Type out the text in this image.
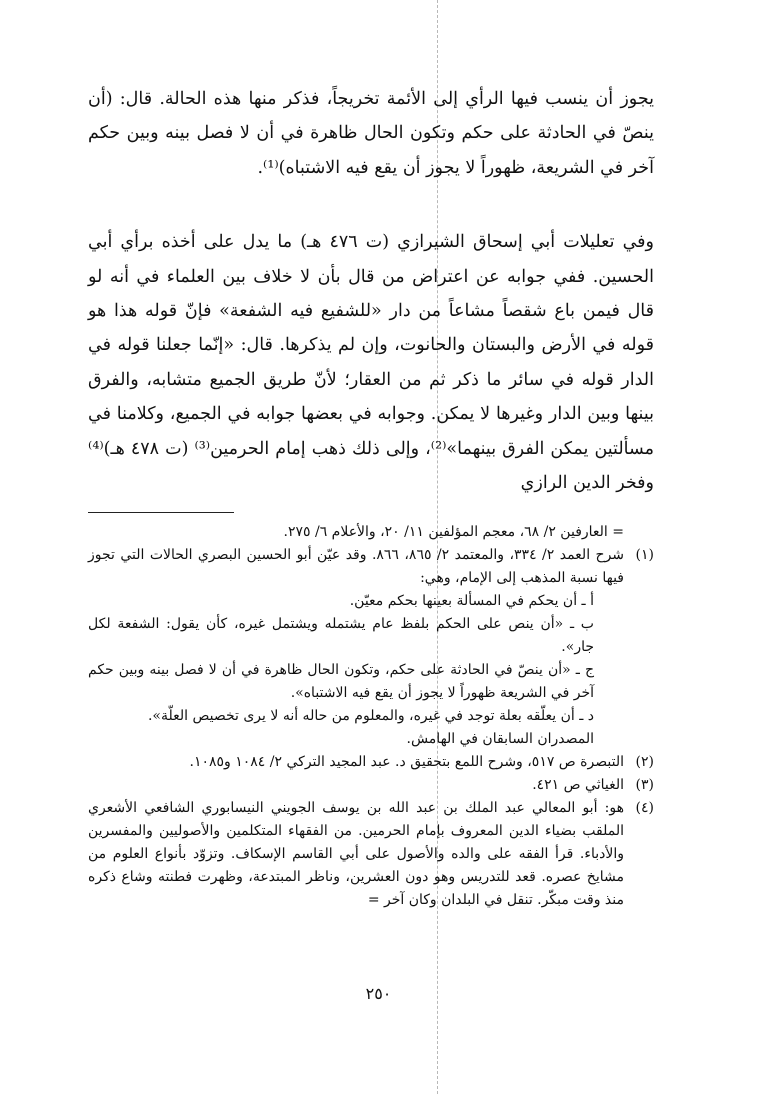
يجوز أن ينسب فيها الرأي إلى الأئمة تخريجاً، فذكر منها هذه الحالة. قال: (أن ينصّ في الحادثة على حكم وتكون الحال ظاهرة في أن لا فصل بينه وبين حكم آخر في الشريعة، ظهوراً لا يجوز أن يقع فيه الاشتباه)⁽¹⁾.

وفي تعليلات أبي إسحاق الشيرازي (ت ٤٧٦ هـ) ما يدل على أخذه برأي أبي الحسين. ففي جوابه عن اعتراض من قال بأن لا خلاف بين العلماء في أنه لو قال فيمن باع شقصاً مشاعاً من دار «للشفيع فيه الشفعة» فإنّ قوله هذا هو قوله في الأرض والبستان والحانوت، وإن لم يذكرها. قال: «إنّما جعلنا قوله في الدار قوله في سائر ما ذكر ثم من العقار؛ لأنّ طريق الجميع متشابه، والفرق بينها وبين الدار وغيرها لا يمكن. وجوابه في بعضها جوابه في الجميع، وكلامنا في مسألتين يمكن الفرق بينهما»⁽²⁾، وإلى ذلك ذهب إمام الحرمين⁽³⁾ (ت ٤٧٨ هـ)⁽⁴⁾ وفخر الدين الرازي

= العارفين ٢/ ٦٨، معجم المؤلفين ١١/ ٢٠، والأعلام ٦/ ٢٧٥.
(١)
شرح العمد ٢/ ٣٣٤، والمعتمد ٢/ ٨٦٥، ٨٦٦. وقد عيّن أبو الحسين البصري الحالات التي تجوز فيها نسبة المذهب إلى الإمام، وهي:
أ ـ أن يحكم في المسألة بعينها بحكم معيّن.
ب ـ «أن ينص على الحكم بلفظ عام يشتمله ويشتمل غيره، كأن يقول: الشفعة لكل جار».
ج ـ «أن ينصّ في الحادثة على حكم، وتكون الحال ظاهرة في أن لا فصل بينه وبين حكم آخر في الشريعة ظهوراً لا يجوز أن يقع فيه الاشتباه».
د ـ أن يعلّقه بعلة توجد في غيره، والمعلوم من حاله أنه لا يرى تخصيص العلّة».
المصدران السابقان في الهامش.
(٢)
التبصرة ص ٥١٧، وشرح اللمع بتحقيق د. عبد المجيد التركي ٢/ ١٠٨٤ و١٠٨٥.
(٣)
الغياثي ص ٤٢١.
(٤)
هو: أبو المعالي عبد الملك بن عبد الله بن يوسف الجويني النيسابوري الشافعي الأشعري الملقب بضياء الدين المعروف بإمام الحرمين. من الفقهاء المتكلمين والأصوليين والمفسرين والأدباء. قرأ الفقه على والده والأصول على أبي القاسم الإسكاف. وتزوّد بأنواع العلوم من مشايخ عصره. قعد للتدريس وهو دون العشرين، وناظر المبتدعة، وظهرت فطنته وشاع ذكره منذ وقت مبكّر. تنقل في البلدان وكان آخر =
٢٥٠
